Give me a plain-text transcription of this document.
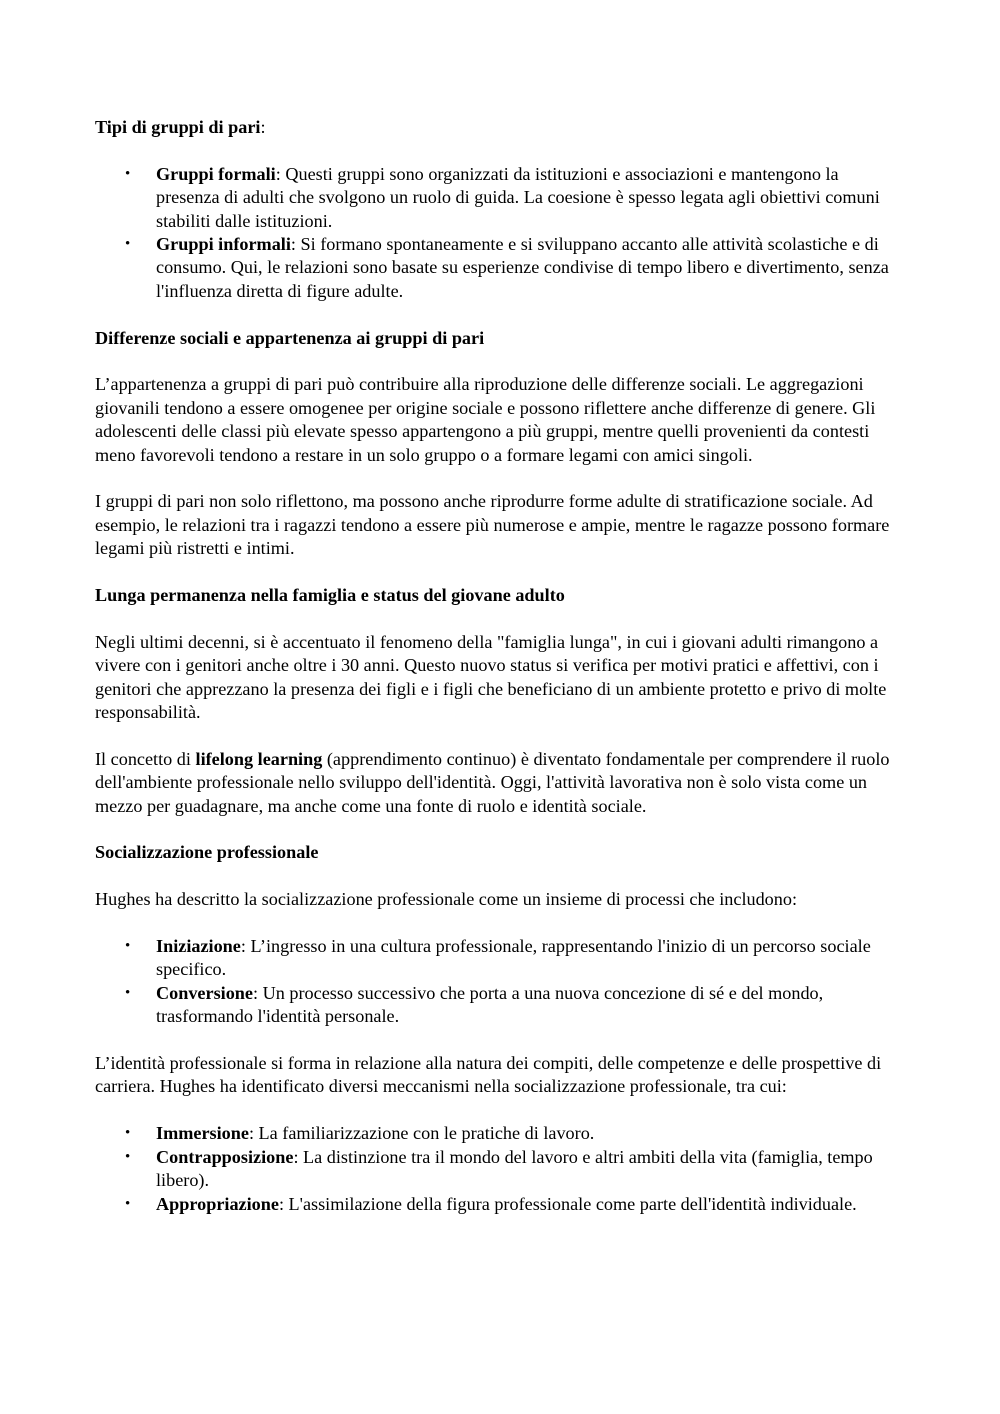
Tipi di gruppi di pari:

• Gruppi formali: Questi gruppi sono organizzati da istituzioni e associazioni e mantengono la presenza di adulti che svolgono un ruolo di guida. La coesione è spesso legata agli obiettivi comuni stabiliti dalle istituzioni.
• Gruppi informali: Si formano spontaneamente e si sviluppano accanto alle attività scolastiche e di consumo. Qui, le relazioni sono basate su esperienze condivise di tempo libero e divertimento, senza l'influenza diretta di figure adulte.

Differenze sociali e appartenenza ai gruppi di pari

L’appartenenza a gruppi di pari può contribuire alla riproduzione delle differenze sociali. Le aggregazioni giovanili tendono a essere omogenee per origine sociale e possono riflettere anche differenze di genere. Gli adolescenti delle classi più elevate spesso appartengono a più gruppi, mentre quelli provenienti da contesti meno favorevoli tendono a restare in un solo gruppo o a formare legami con amici singoli.

I gruppi di pari non solo riflettono, ma possono anche riprodurre forme adulte di stratificazione sociale. Ad esempio, le relazioni tra i ragazzi tendono a essere più numerose e ampie, mentre le ragazze possono formare legami più ristretti e intimi.

Lunga permanenza nella famiglia e status del giovane adulto

Negli ultimi decenni, si è accentuato il fenomeno della "famiglia lunga", in cui i giovani adulti rimangono a vivere con i genitori anche oltre i 30 anni. Questo nuovo status si verifica per motivi pratici e affettivi, con i genitori che apprezzano la presenza dei figli e i figli che beneficiano di un ambiente protetto e privo di molte responsabilità.

Il concetto di lifelong learning (apprendimento continuo) è diventato fondamentale per comprendere il ruolo dell'ambiente professionale nello sviluppo dell'identità. Oggi, l'attività lavorativa non è solo vista come un mezzo per guadagnare, ma anche come una fonte di ruolo e identità sociale.

Socializzazione professionale

Hughes ha descritto la socializzazione professionale come un insieme di processi che includono:

• Iniziazione: L’ingresso in una cultura professionale, rappresentando l'inizio di un percorso sociale specifico.
• Conversione: Un processo successivo che porta a una nuova concezione di sé e del mondo, trasformando l'identità personale.

L’identità professionale si forma in relazione alla natura dei compiti, delle competenze e delle prospettive di carriera. Hughes ha identificato diversi meccanismi nella socializzazione professionale, tra cui:

• Immersione: La familiarizzazione con le pratiche di lavoro.
• Contrapposizione: La distinzione tra il mondo del lavoro e altri ambiti della vita (famiglia, tempo libero).
• Appropriazione: L'assimilazione della figura professionale come parte dell'identità individuale.
